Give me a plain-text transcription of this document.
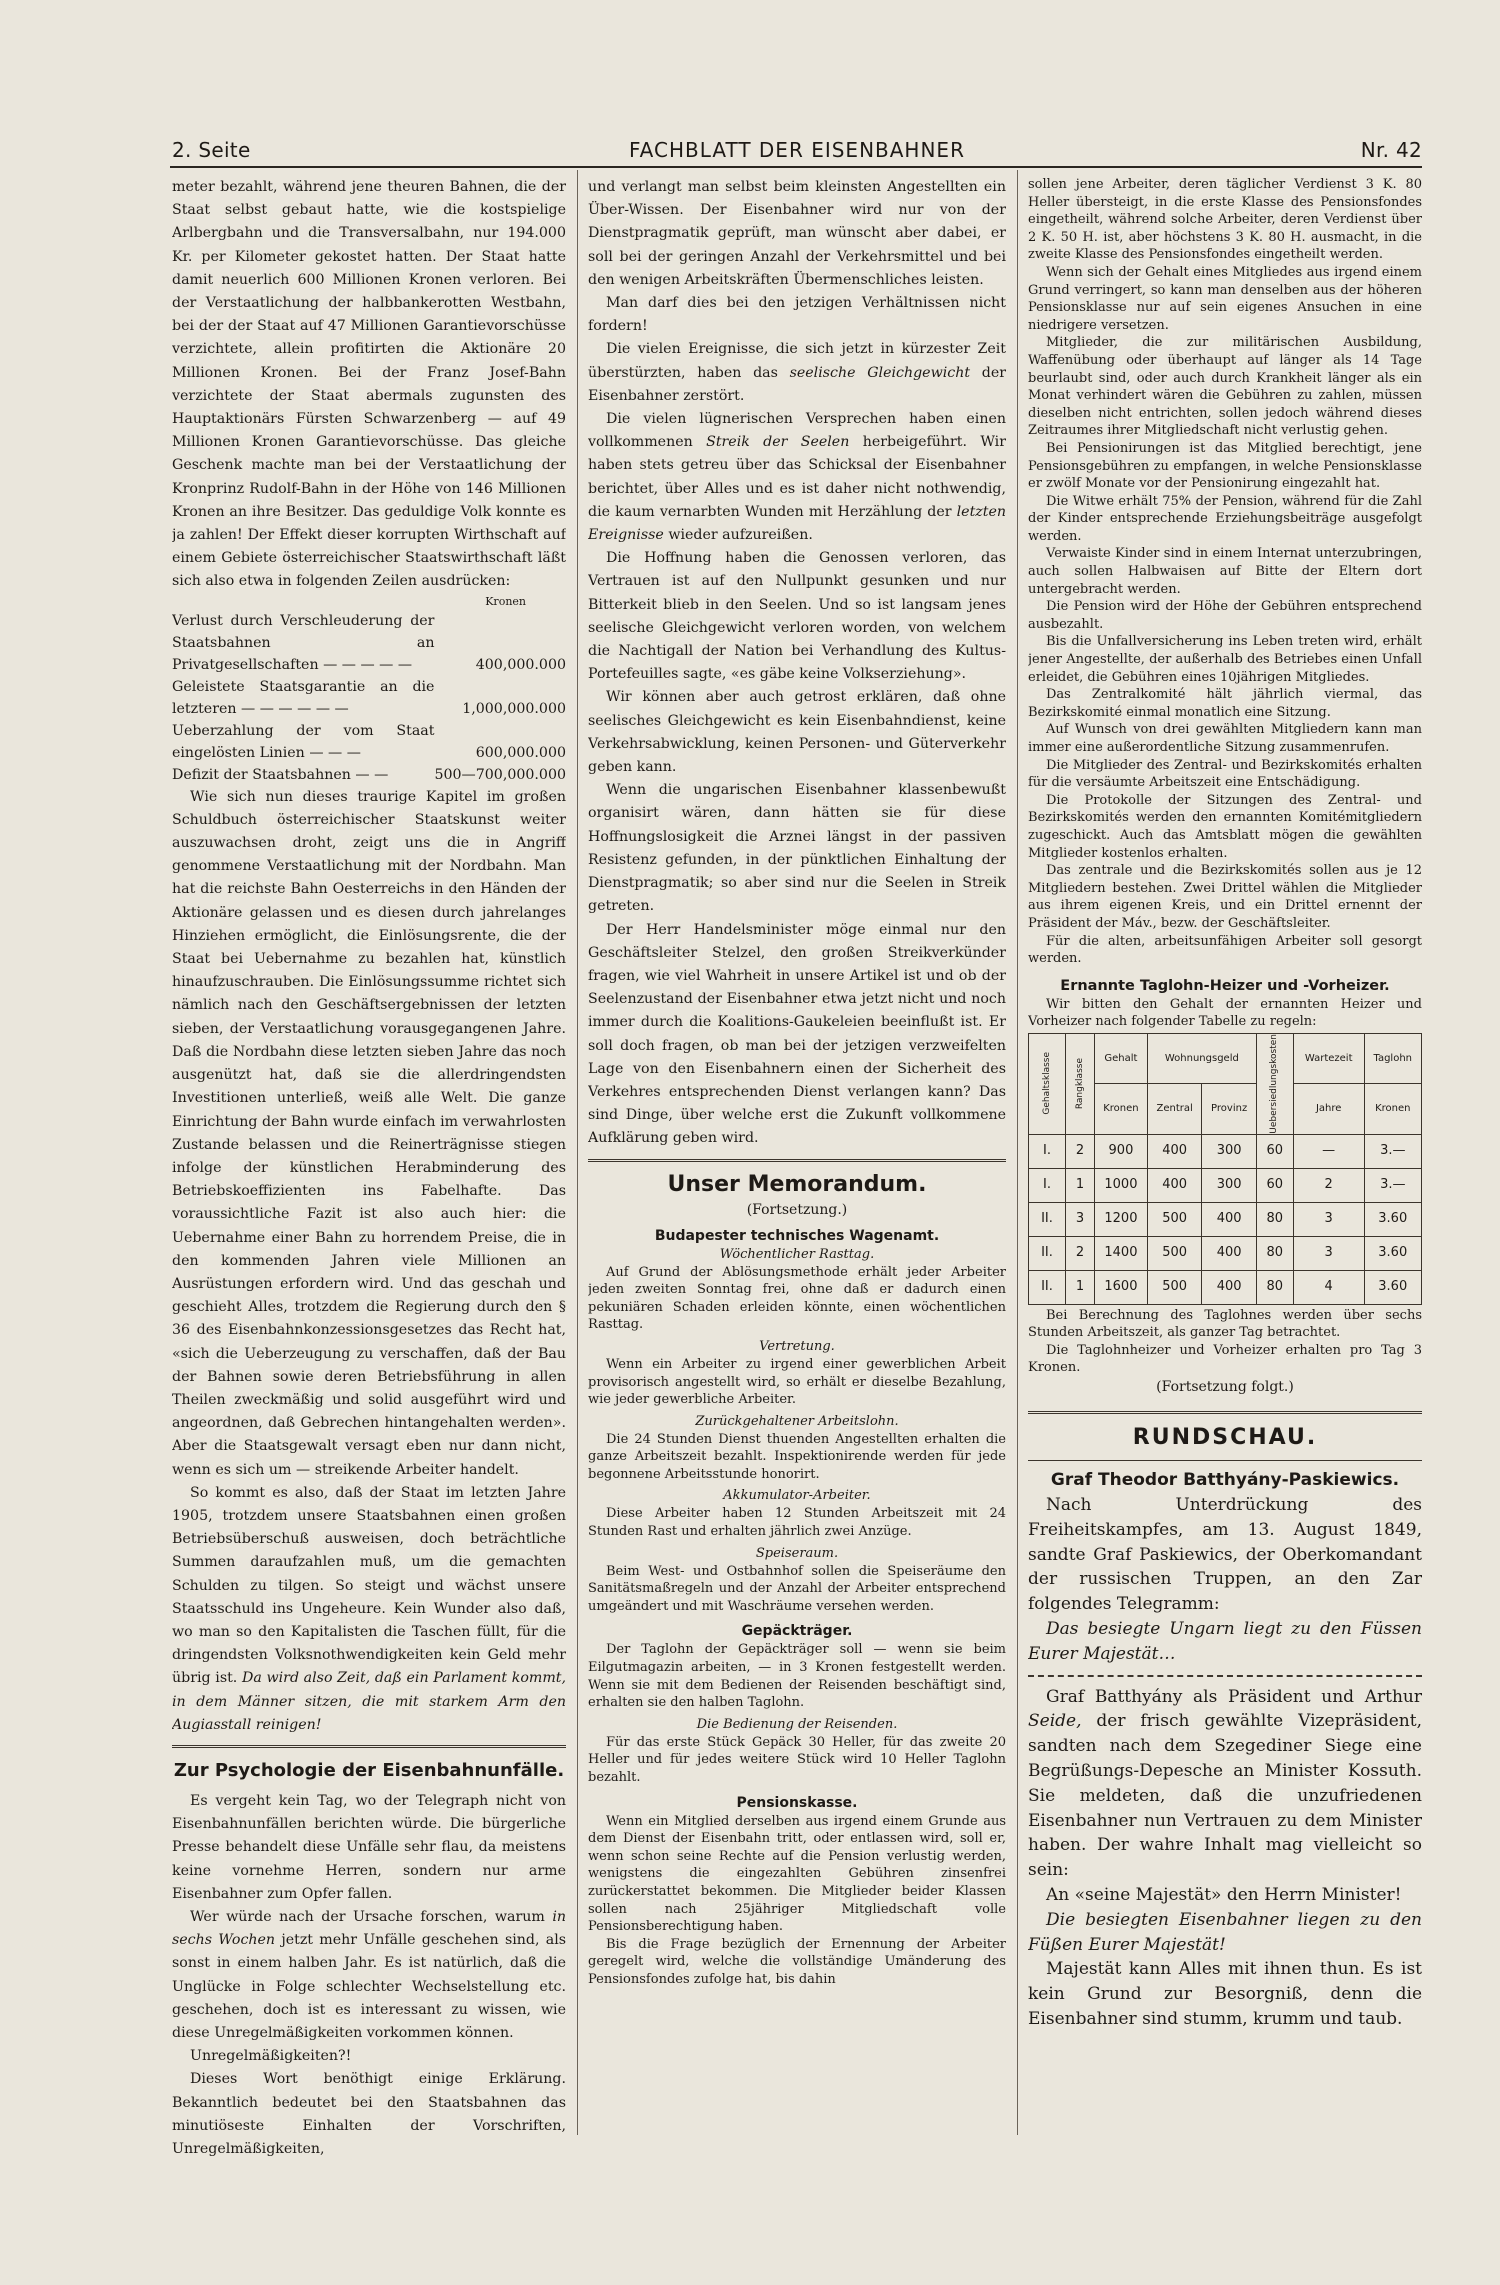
2. Seite	FACHBLATT DER EISENBAHNER	Nr. 42

meter bezahlt, während jene theuren Bahnen, die der Staat selbst gebaut hatte, wie die kostspielige Arlbergbahn und die Transversalbahn, nur 194.000 Kr. per Kilometer gekostet hatten. Der Staat hatte damit neuerlich 600 Millionen Kronen verloren. Bei der Verstaatlichung der halbbankerotten Westbahn, bei der der Staat auf 47 Millionen Garantievorschüsse verzichtete, allein profitirten die Aktionäre 20 Millionen Kronen. Bei der Franz Josef-Bahn verzichtete der Staat abermals zugunsten des Hauptaktionärs Fürsten Schwarzenberg — auf 49 Millionen Kronen Garantievorschüsse. Das gleiche Geschenk machte man bei der Verstaatlichung der Kronprinz Rudolf-Bahn in der Höhe von 146 Millionen Kronen an ihre Besitzer. Das geduldige Volk konnte es ja zahlen! Der Effekt dieser korrupten Wirthschaft auf einem Gebiete österreichischer Staatswirthschaft läßt sich also etwa in folgenden Zeilen ausdrücken:

	Kronen
Verlust durch Verschleuderung der Staatsbahnen an Privatgesellschaften — — — — —	400,000.000
Geleistete Staatsgarantie an die letzteren — — — — — —	1,000,000.000
Ueberzahlung der vom Staat eingelösten Linien — — —	600,000.000
Defizit der Staatsbahnen — —	500—700,000.000

Wie sich nun dieses traurige Kapitel im großen Schuldbuch österreichischer Staatskunst weiter auszuwachsen droht, zeigt uns die in Angriff genommene Verstaatlichung mit der Nordbahn. Man hat die reichste Bahn Oesterreichs in den Händen der Aktionäre gelassen und es diesen durch jahrelanges Hinziehen ermöglicht, die Einlösungsrente, die der Staat bei Uebernahme zu bezahlen hat, künstlich hinaufzuschrauben. Die Einlösungssumme richtet sich nämlich nach den Geschäftsergebnissen der letzten sieben, der Verstaatlichung vorausgegangenen Jahre. Daß die Nordbahn diese letzten sieben Jahre das noch ausgenützt hat, daß sie die allerdringendsten Investitionen unterließ, weiß alle Welt. Die ganze Einrichtung der Bahn wurde einfach im verwahrlosten Zustande belassen und die Reinerträgnisse stiegen infolge der künstlichen Herabminderung des Betriebskoeffizienten ins Fabelhafte. Das voraussichtliche Fazit ist also auch hier: die Uebernahme einer Bahn zu horrendem Preise, die in den kommenden Jahren viele Millionen an Ausrüstungen erfordern wird. Und das geschah und geschieht Alles, trotzdem die Regierung durch den § 36 des Eisenbahnkonzessionsgesetzes das Recht hat, «sich die Ueberzeugung zu verschaffen, daß der Bau der Bahnen sowie deren Betriebsführung in allen Theilen zweckmäßig und solid ausgeführt wird und angeordnen, daß Gebrechen hintangehalten werden». Aber die Staatsgewalt versagt eben nur dann nicht, wenn es sich um — streikende Arbeiter handelt.

So kommt es also, daß der Staat im letzten Jahre 1905, trotzdem unsere Staatsbahnen einen großen Betriebsüberschuß ausweisen, doch beträchtliche Summen daraufzahlen muß, um die gemachten Schulden zu tilgen. So steigt und wächst unsere Staatsschuld ins Ungeheure. Kein Wunder also daß, wo man so den Kapitalisten die Taschen füllt, für die dringendsten Volksnothwendigkeiten kein Geld mehr übrig ist. Da wird also Zeit, daß ein Parlament kommt, in dem Männer sitzen, die mit starkem Arm den Augiasstall reinigen!

Zur Psychologie der Eisenbahnunfälle.

Es vergeht kein Tag, wo der Telegraph nicht von Eisenbahnunfällen berichten würde. Die bürgerliche Presse behandelt diese Unfälle sehr flau, da meistens keine vornehme Herren, sondern nur arme Eisenbahner zum Opfer fallen.

Wer würde nach der Ursache forschen, warum in sechs Wochen jetzt mehr Unfälle geschehen sind, als sonst in einem halben Jahr. Es ist natürlich, daß die Unglücke in Folge schlechter Wechselstellung etc. geschehen, doch ist es interessant zu wissen, wie diese Unregelmäßigkeiten vorkommen können.

Unregelmäßigkeiten?!

Dieses Wort benöthigt einige Erklärung. Bekanntlich bedeutet bei den Staatsbahnen das minutiöseste Einhalten der Vorschriften, Unregelmäßigkeiten,

und verlangt man selbst beim kleinsten Angestellten ein Über-Wissen. Der Eisenbahner wird nur von der Dienstpragmatik geprüft, man wünscht aber dabei, er soll bei der geringen Anzahl der Verkehrsmittel und bei den wenigen Arbeitskräften Übermenschliches leisten.

Man darf dies bei den jetzigen Verhältnissen nicht fordern!

Die vielen Ereignisse, die sich jetzt in kürzester Zeit überstürzten, haben das seelische Gleichgewicht der Eisenbahner zerstört.

Die vielen lügnerischen Versprechen haben einen vollkommenen Streik der Seelen herbeigeführt. Wir haben stets getreu über das Schicksal der Eisenbahner berichtet, über Alles und es ist daher nicht nothwendig, die kaum vernarbten Wunden mit Herzählung der letzten Ereignisse wieder aufzureißen.

Die Hoffnung haben die Genossen verloren, das Vertrauen ist auf den Nullpunkt gesunken und nur Bitterkeit blieb in den Seelen. Und so ist langsam jenes seelische Gleichgewicht verloren worden, von welchem die Nachtigall der Nation bei Verhandlung des Kultus-Portefeuilles sagte, «es gäbe keine Volkserziehung».

Wir können aber auch getrost erklären, daß ohne seelisches Gleichgewicht es kein Eisenbahndienst, keine Verkehrsabwicklung, keinen Personen- und Güterverkehr geben kann.

Wenn die ungarischen Eisenbahner klassenbewußt organisirt wären, dann hätten sie für diese Hoffnungslosigkeit die Arznei längst in der passiven Resistenz gefunden, in der pünktlichen Einhaltung der Dienstpragmatik; so aber sind nur die Seelen in Streik getreten.

Der Herr Handelsminister möge einmal nur den Geschäftsleiter Stelzel, den großen Streikverkünder fragen, wie viel Wahrheit in unsere Artikel ist und ob der Seelenzustand der Eisenbahner etwa jetzt nicht und noch immer durch die Koalitions-Gaukeleien beeinflußt ist. Er soll doch fragen, ob man bei der jetzigen verzweifelten Lage von den Eisenbahnern einen der Sicherheit des Verkehres entsprechenden Dienst verlangen kann? Das sind Dinge, über welche erst die Zukunft vollkommene Aufklärung geben wird.

Unser Memorandum.
(Fortsetzung.)
Budapester technisches Wagenamt.
Wöchentlicher Rasttag.

Auf Grund der Ablösungsmethode erhält jeder Arbeiter jeden zweiten Sonntag frei, ohne daß er dadurch einen pekuniären Schaden erleiden könnte, einen wöchentlichen Rasttag.

Vertretung.

Wenn ein Arbeiter zu irgend einer gewerblichen Arbeit provisorisch angestellt wird, so erhält er dieselbe Bezahlung, wie jeder gewerbliche Arbeiter.

Zurückgehaltener Arbeitslohn.

Die 24 Stunden Dienst thuenden Angestellten erhalten die ganze Arbeitszeit bezahlt. Inspektionirende werden für jede begonnene Arbeitsstunde honorirt.

Akkumulator-Arbeiter.

Diese Arbeiter haben 12 Stunden Arbeitszeit mit 24 Stunden Rast und erhalten jährlich zwei Anzüge.

Speiseraum.

Beim West- und Ostbahnhof sollen die Speiseräume den Sanitätsmaßregeln und der Anzahl der Arbeiter entsprechend umgeändert und mit Waschräume versehen werden.

Gepäckträger.

Der Taglohn der Gepäckträger soll — wenn sie beim Eilgutmagazin arbeiten, — in 3 Kronen festgestellt werden. Wenn sie mit dem Bedienen der Reisenden beschäftigt sind, erhalten sie den halben Taglohn.

Die Bedienung der Reisenden.

Für das erste Stück Gepäck 30 Heller, für das zweite 20 Heller und für jedes weitere Stück wird 10 Heller Taglohn bezahlt.

Pensionskasse.

Wenn ein Mitglied derselben aus irgend einem Grunde aus dem Dienst der Eisenbahn tritt, oder entlassen wird, soll er, wenn schon seine Rechte auf die Pension verlustig werden, wenigstens die eingezahlten Gebühren zinsenfrei zurückerstattet bekommen. Die Mitglieder beider Klassen sollen nach 25jähriger Mitgliedschaft volle Pensionsberechtigung haben.

Bis die Frage bezüglich der Ernennung der Arbeiter geregelt wird, welche die vollständige Umänderung des Pensionsfondes zufolge hat, bis dahin

sollen jene Arbeiter, deren täglicher Verdienst 3 K. 80 Heller übersteigt, in die erste Klasse des Pensionsfondes eingetheilt, während solche Arbeiter, deren Verdienst über 2 K. 50 H. ist, aber höchstens 3 K. 80 H. ausmacht, in die zweite Klasse des Pensionsfondes eingetheilt werden.

Wenn sich der Gehalt eines Mitgliedes aus irgend einem Grund verringert, so kann man denselben aus der höheren Pensionsklasse nur auf sein eigenes Ansuchen in eine niedrigere versetzen.

Mitglieder, die zur militärischen Ausbildung, Waffenübung oder überhaupt auf länger als 14 Tage beurlaubt sind, oder auch durch Krankheit länger als ein Monat verhindert wären die Gebühren zu zahlen, müssen dieselben nicht entrichten, sollen jedoch während dieses Zeitraumes ihrer Mitgliedschaft nicht verlustig gehen.

Bei Pensionirungen ist das Mitglied berechtigt, jene Pensionsgebühren zu empfangen, in welche Pensionsklasse er zwölf Monate vor der Pensionirung eingezahlt hat.

Die Witwe erhält 75% der Pension, während für die Zahl der Kinder entsprechende Erziehungsbeiträge ausgefolgt werden.

Verwaiste Kinder sind in einem Internat unterzubringen, auch sollen Halbwaisen auf Bitte der Eltern dort untergebracht werden.

Die Pension wird der Höhe der Gebühren entsprechend ausbezahlt.

Bis die Unfallversicherung ins Leben treten wird, erhält jener Angestellte, der außerhalb des Betriebes einen Unfall erleidet, die Gebühren eines 10jährigen Mitgliedes.

Das Zentralkomité hält jährlich viermal, das Bezirkskomité einmal monatlich eine Sitzung.

Auf Wunsch von drei gewählten Mitgliedern kann man immer eine außerordentliche Sitzung zusammenrufen.

Die Mitglieder des Zentral- und Bezirkskomités erhalten für die versäumte Arbeitszeit eine Entschädigung.

Die Protokolle der Sitzungen des Zentral- und Bezirkskomités werden den ernannten Komitémitgliedern zugeschickt. Auch das Amtsblatt mögen die gewählten Mitglieder kostenlos erhalten.

Das zentrale und die Bezirkskomités sollen aus je 12 Mitgliedern bestehen. Zwei Drittel wählen die Mitglieder aus ihrem eigenen Kreis, und ein Drittel ernennt der Präsident der Máv., bezw. der Geschäftsleiter.

Für die alten, arbeitsunfähigen Arbeiter soll gesorgt werden.

Ernannte Taglohn-Heizer und -Vorheizer.

Wir bitten den Gehalt der ernannten Heizer und Vorheizer nach folgender Tabelle zu regeln:

Gehaltsklasse	Rangklasse	Gehalt	Wohnungsgeld		Uebersiedlungskosten	Wartezeit	Taglohn
		Kronen	Zentral	Provinz		Jahre	Kronen
I.	2	900	400	300	60	—	3.—
I.	1	1000	400	300	60	2	3.—
II.	3	1200	500	400	80	3	3.60
II.	2	1400	500	400	80	3	3.60
II.	1	1600	500	400	80	4	3.60

Bei Berechnung des Taglohnes werden über sechs Stunden Arbeitszeit, als ganzer Tag betrachtet.

Die Taglohnheizer und Vorheizer erhalten pro Tag 3 Kronen.

(Fortsetzung folgt.)
RUNDSCHAU.
Graf Theodor Batthyány-Paskiewics.

Nach Unterdrückung des Freiheitskampfes, am 13. August 1849, sandte Graf Paskiewics, der Oberkomandant der russischen Truppen, an den Zar folgendes Telegramm:

Das besiegte Ungarn liegt zu den Füssen Eurer Majestät…

Graf Batthyány als Präsident und Arthur Seide, der frisch gewählte Vizepräsident, sandten nach dem Szegediner Siege eine Begrüßungs-Depesche an Minister Kossuth. Sie meldeten, daß die unzufriedenen Eisenbahner nun Vertrauen zu dem Minister haben. Der wahre Inhalt mag vielleicht so sein:

An «seine Majestät» den Herrn Minister!

Die besiegten Eisenbahner liegen zu den Füßen Eurer Majestät!

Majestät kann Alles mit ihnen thun. Es ist kein Grund zur Besorgniß, denn die Eisenbahner sind stumm, krumm und taub.
